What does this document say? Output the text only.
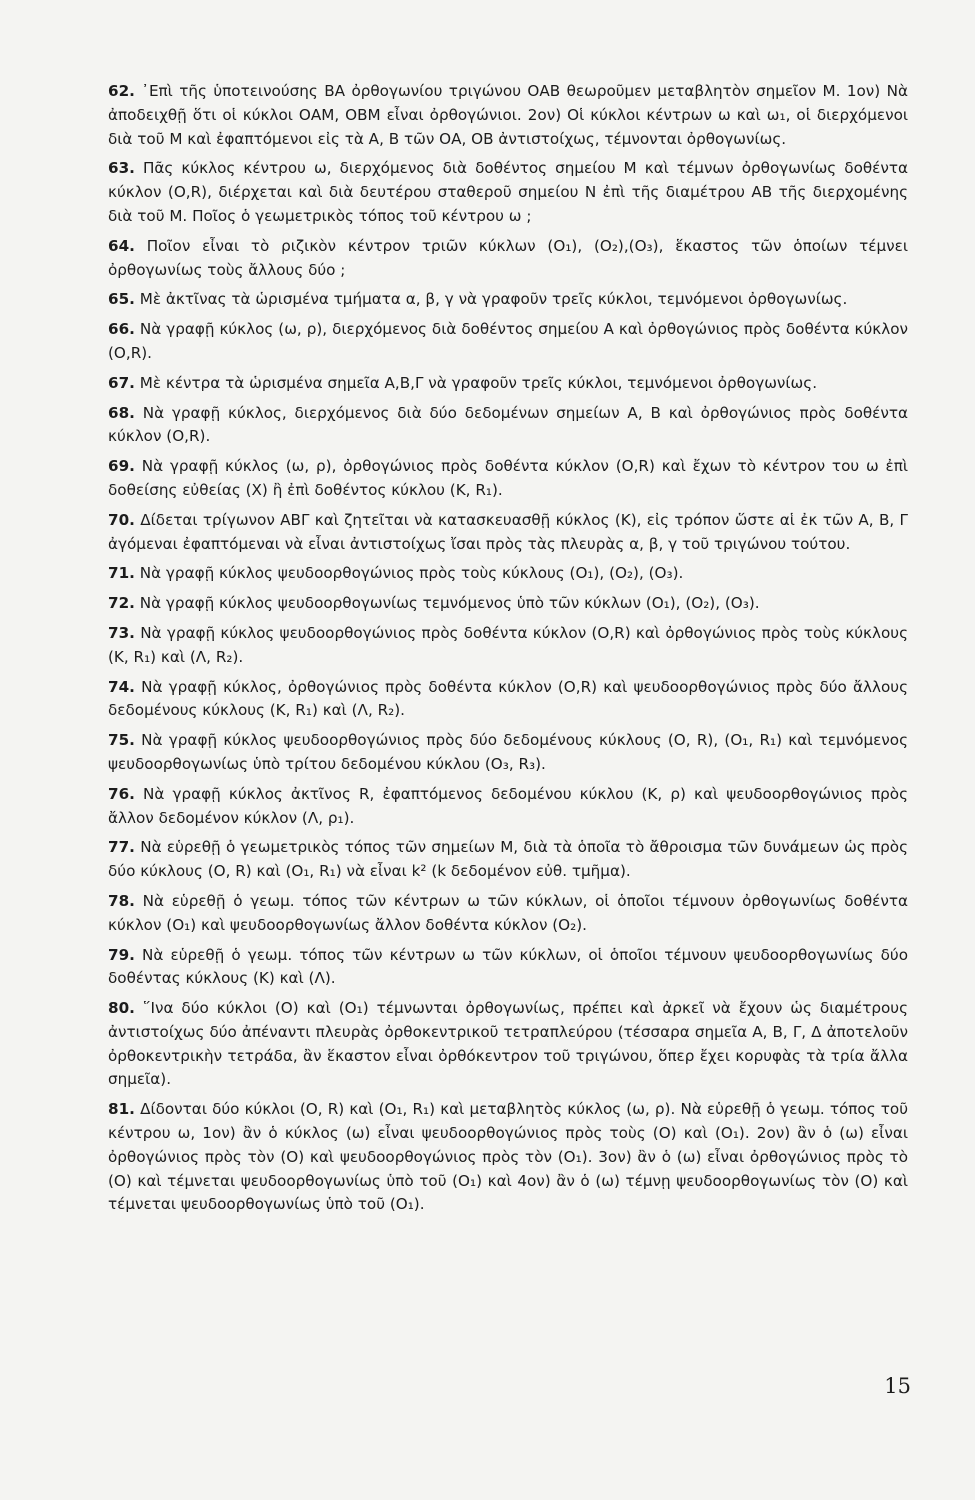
62. ᾿Επὶ τῆς ὑποτεινούσης ΒΑ ὀρθογωνίου τριγώνου ΟΑΒ θεωροῦμεν μεταβλητὸν σημεῖον Μ. 1ον) Νὰ ἀποδειχθῇ ὅτι οἱ κύκλοι ΟΑΜ, ΟΒΜ εἶναι ὀρθογώνιοι. 2ον) Οἱ κύκλοι κέντρων ω καὶ ω₁, οἱ διερχόμενοι διὰ τοῦ Μ καὶ ἐφαπτόμενοι εἰς τὰ Α, Β τῶν ΟΑ, ΟΒ ἀντιστοίχως, τέμνονται ὀρθογωνίως.

63. Πᾶς κύκλος κέντρου ω, διερχόμενος διὰ δοθέντος σημείου Μ καὶ τέμνων ὀρθογωνίως δοθέντα κύκλον (Ο,R), διέρχεται καὶ διὰ δευτέρου σταθεροῦ σημείου Ν ἐπὶ τῆς διαμέτρου ΑΒ τῆς διερχομένης διὰ τοῦ Μ. Ποῖος ὁ γεωμετρικὸς τόπος τοῦ κέντρου ω ;

64. Ποῖον εἶναι τὸ ριζικὸν κέντρον τριῶν κύκλων (Ο₁), (Ο₂),(Ο₃), ἕκαστος τῶν ὁποίων τέμνει ὀρθογωνίως τοὺς ἄλλους δύο ;

65. Μὲ ἀκτῖνας τὰ ὡρισμένα τμήματα α, β, γ νὰ γραφοῦν τρεῖς κύκλοι, τεμνόμενοι ὀρθογωνίως.

66. Νὰ γραφῇ κύκλος (ω, ρ), διερχόμενος διὰ δοθέντος σημείου Α καὶ ὀρθογώνιος πρὸς δοθέντα κύκλον (Ο,R).

67. Μὲ κέντρα τὰ ὡρισμένα σημεῖα Α,Β,Γ νὰ γραφοῦν τρεῖς κύκλοι, τεμνόμενοι ὀρθογωνίως.

68. Νὰ γραφῇ κύκλος, διερχόμενος διὰ δύο δεδομένων σημείων Α, Β καὶ ὀρθογώνιος πρὸς δοθέντα κύκλον (Ο,R).

69. Νὰ γραφῇ κύκλος (ω, ρ), ὀρθογώνιος πρὸς δοθέντα κύκλον (Ο,R) καὶ ἔχων τὸ κέντρον του ω ἐπὶ δοθείσης εὐθείας (Χ) ἢ ἐπὶ δοθέντος κύκλου (Κ, R₁).

70. Δίδεται τρίγωνον ΑΒΓ καὶ ζητεῖται νὰ κατασκευασθῇ κύκλος (Κ), εἰς τρόπον ὥστε αἱ ἐκ τῶν Α, Β, Γ ἀγόμεναι ἐφαπτόμεναι νὰ εἶναι ἀντιστοίχως ἴσαι πρὸς τὰς πλευρὰς α, β, γ τοῦ τριγώνου τούτου.

71. Νὰ γραφῇ κύκλος ψευδοορθογώνιος πρὸς τοὺς κύκλους (Ο₁), (Ο₂), (Ο₃).

72. Νὰ γραφῇ κύκλος ψευδοορθογωνίως τεμνόμενος ὑπὸ τῶν κύκλων (Ο₁), (Ο₂), (Ο₃).

73. Νὰ γραφῇ κύκλος ψευδοορθογώνιος πρὸς δοθέντα κύκλον (Ο,R) καὶ ὀρθογώνιος πρὸς τοὺς κύκλους (Κ, R₁) καὶ (Λ, R₂).

74. Νὰ γραφῇ κύκλος, ὀρθογώνιος πρὸς δοθέντα κύκλον (Ο,R) καὶ ψευδοορθογώνιος πρὸς δύο ἄλλους δεδομένους κύκλους (Κ, R₁) καὶ (Λ, R₂).

75. Νὰ γραφῇ κύκλος ψευδοορθογώνιος πρὸς δύο δεδομένους κύκλους (Ο, R), (Ο₁, R₁) καὶ τεμνόμενος ψευδοορθογωνίως ὑπὸ τρίτου δεδομένου κύκλου (Ο₃, R₃).

76. Νὰ γραφῇ κύκλος ἀκτῖνος R, ἐφαπτόμενος δεδομένου κύκλου (Κ, ρ) καὶ ψευδοορθογώνιος πρὸς ἄλλον δεδομένον κύκλον (Λ, ρ₁).

77. Νὰ εὑρεθῇ ὁ γεωμετρικὸς τόπος τῶν σημείων Μ, διὰ τὰ ὁποῖα τὸ ἄθροισμα τῶν δυνάμεων ὡς πρὸς δύο κύκλους (Ο, R) καὶ (Ο₁, R₁) νὰ εἶναι k² (k δεδομένον εὐθ. τμῆμα).

78. Νὰ εὑρεθῇ ὁ γεωμ. τόπος τῶν κέντρων ω τῶν κύκλων, οἱ ὁποῖοι τέμνουν ὀρθογωνίως δοθέντα κύκλον (Ο₁) καὶ ψευδοορθογωνίως ἄλλον δοθέντα κύκλον (Ο₂).

79. Νὰ εὑρεθῇ ὁ γεωμ. τόπος τῶν κέντρων ω τῶν κύκλων, οἱ ὁποῖοι τέμνουν ψευδοορθογωνίως δύο δοθέντας κύκλους (Κ) καὶ (Λ).

80. ῞Ινα δύο κύκλοι (Ο) καὶ (Ο₁) τέμνωνται ὀρθογωνίως, πρέπει καὶ ἀρκεῖ νὰ ἔχουν ὡς διαμέτρους ἀντιστοίχως δύο ἀπέναντι πλευρὰς ὀρθοκεντρικοῦ τετραπλεύρου (τέσσαρα σημεῖα Α, Β, Γ, Δ ἀποτελοῦν ὀρθοκεντρικὴν τετράδα, ἂν ἕκαστον εἶναι ὀρθόκεντρον τοῦ τριγώνου, ὅπερ ἔχει κορυφὰς τὰ τρία ἄλλα σημεῖα).

81. Δίδονται δύο κύκλοι (Ο, R) καὶ (Ο₁, R₁) καὶ μεταβλητὸς κύκλος (ω, ρ). Νὰ εὑρεθῇ ὁ γεωμ. τόπος τοῦ κέντρου ω, 1ον) ἂν ὁ κύκλος (ω) εἶναι ψευδοορθογώνιος πρὸς τοὺς (Ο) καὶ (Ο₁). 2ον) ἂν ὁ (ω) εἶναι ὀρθογώνιος πρὸς τὸν (Ο) καὶ ψευδοορθογώνιος πρὸς τὸν (Ο₁). 3ον) ἂν ὁ (ω) εἶναι ὀρθογώνιος πρὸς τὸ (Ο) καὶ τέμνεται ψευδοορθογωνίως ὑπὸ τοῦ (Ο₁) καὶ 4ον) ἂν ὁ (ω) τέμνῃ ψευδοορθογωνίως τὸν (Ο) καὶ τέμνεται ψευδοορθογωνίως ὑπὸ τοῦ (Ο₁).

15
